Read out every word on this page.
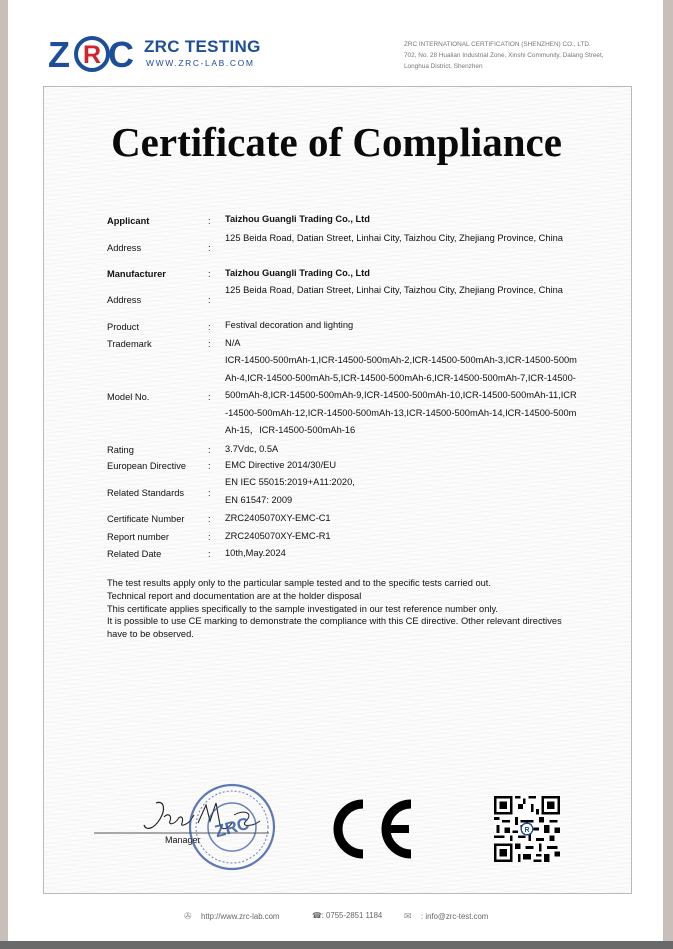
Z R C ZRC TESTING
WWW.ZRC-LAB.COM
ZRC INTERNATIONAL CERTIFICATION (SHENZHEN) CO., LTD.
702, No. 28 Hualian Industrial Zone, Xinshi Community, Dalang Street, Longhua District, Shenzhen
Certificate of Compliance
Applicant	: Taizhou Guangli Trading Co., Ltd
Address	:
125 Beida Road, Datian Street, Linhai City, Taizhou City, Zhejiang Province, China
Manufacturer	: Taizhou Guangli Trading Co., Ltd
Address	:
125 Beida Road, Datian Street, Linhai City, Taizhou City, Zhejiang Province, China
Product	: Festival decoration and lighting
Trademark	: N/A
Model No.	:
ICR-14500-500mAh-1,ICR-14500-500mAh-2,ICR-14500-500mAh-3,ICR-14500-500mAh-4,ICR-14500-500mAh-5,ICR-14500-500mAh-6,ICR-14500-500mAh-7,ICR-14500-500mAh-8,ICR-14500-500mAh-9,ICR-14500-500mAh-10,ICR-14500-500mAh-11,ICR-14500-500mAh-12,ICR-14500-500mAh-13,ICR-14500-500mAh-14,ICR-14500-500mAh-15，ICR-14500-500mAh-16
Rating	: 3.7Vdc, 0.5A
European Directive : EMC Directive 2014/30/EU
Related Standards	:
EN IEC 55015:2019+A11:2020,
EN 61547: 2009
Certificate Number	: ZRC2405070XY-EMC-C1
Report number	: ZRC2405070XY-EMC-R1
Related Date	: 10th,May.2024

The test results apply only to the particular sample tested and to the specific tests carried out.

Technical report and documentation are at the holder disposal

This certificate applies specifically to the sample investigated in our test reference number only.

It is possible to use CE marking to demonstrate the compliance with this CE directive. Other relevant directives have to be observed.

Manager ZRC	R
✇ http://www.zrc-lab.com	☎: 0755-2851 1184 ✉ : info@zrc-test.com
